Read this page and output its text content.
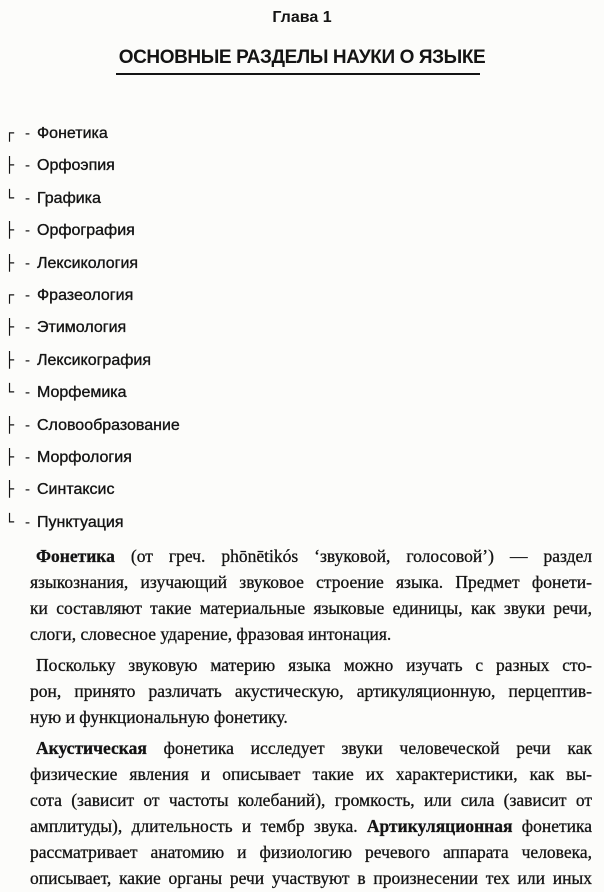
Глава 1
ОСНОВНЫЕ РАЗДЕЛЫ НАУКИ О ЯЗЫКЕ
┌ - Фонетика
├ - Орфоэпия
└ - Графика
├ - Орфография
├ - Лексикология
┌ - Фразеология
├ - Этимология
├ - Лексикография
└ - Морфемика
├ - Словообразование
├ - Морфология
├ - Синтаксис
└ - Пунктуация
Фонетика (от греч. phōnētikós ‘звуковой, голосовой’) — раздел
языкознания, изучающий звуковое строение языка. Предмет фонети-
ки составляют такие материальные языковые единицы, как звуки речи,
слоги, словесное ударение, фразовая интонация.
Поскольку звуковую материю языка можно изучать с разных сто-
рон, принято различать акустическую, артикуляционную, перцептив-
ную и функциональную фонетику.
Акустическая фонетика исследует звуки человеческой речи как
физические явления и описывает такие их характеристики, как вы-
сота (зависит от частоты колебаний), громкость, или сила (зависит от
амплитуды), длительность и тембр звука. Артикуляционная фонетика
рассматривает анатомию и физиологию речевого аппарата человека,
описывает, какие органы речи участвуют в произнесении тех или иных
